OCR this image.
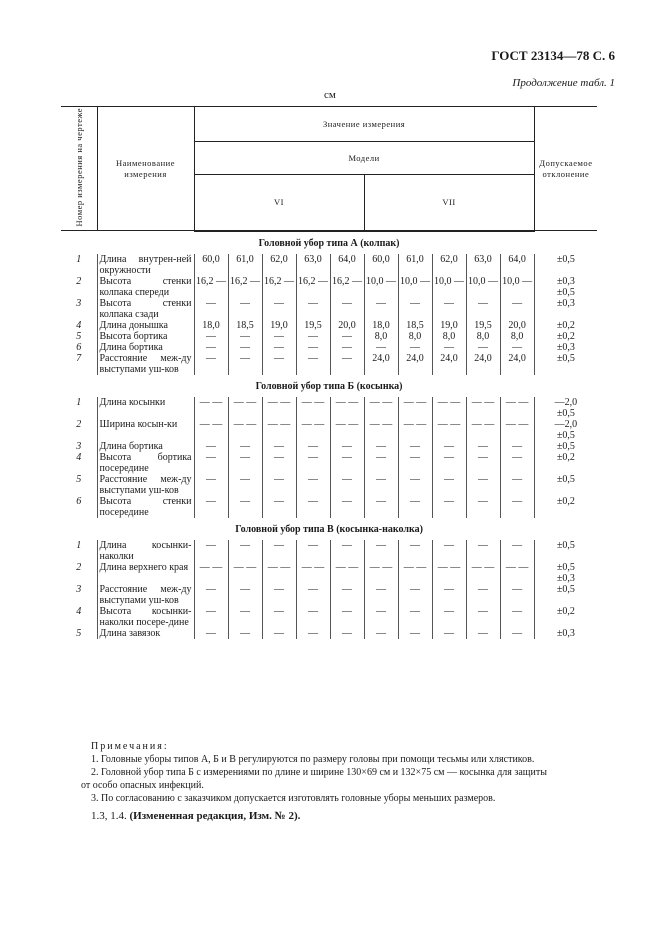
ГОСТ 23134—78 С. 6
Продолжение табл. 1
см
Номер измерения на чертеже	Наименование измерения	Значение измерения										Допускаемое отклонение
		Модели										
		VI					VII					
Головной убор типа А (колпак)												
1	Длина внутрен-ней окружности	60,0	61,0	62,0	63,0	64,0	60,0	61,0	62,0	63,0	64,0	±0,5
2	Высота стенки колпака спереди	16,2 —	16,2 —	16,2 —	16,2 —	16,2 —	10,0 —	10,0 —	10,0 —	10,0 —	10,0 —	±0,3 ±0,5
3	Высота стенки колпака сзади	—	—	—	—	—	—	—	—	—	—	±0,3
4	Длина донышка	18,0	18,5	19,0	19,5	20,0	18,0	18,5	19,0	19,5	20,0	±0,2
5	Высота бортика	—	—	—	—	—	8,0	8,0	8,0	8,0	8,0	±0,2
6	Длина бортика	—	—	—	—	—	—	—	—	—	—	±0,3
7	Расстояние меж-ду выступами уш-ков	—	—	—	—	—	24,0	24,0	24,0	24,0	24,0	±0,5
Головной убор типа Б (косынка)												
1	Длина косынки	— —	— —	— —	— —	— —	— —	— —	— —	— —	— —	—2,0 ±0,5
2	Ширина косын-ки	— —	— —	— —	— —	— —	— —	— —	— —	— —	— —	—2,0 ±0,5
3	Длина бортика	—	—	—	—	—	—	—	—	—	—	±0,5
4	Высота бортика посередине	—	—	—	—	—	—	—	—	—	—	±0,2
5	Расстояние меж-ду выступами уш-ков	—	—	—	—	—	—	—	—	—	—	±0,5
6	Высота стенки посередине	—	—	—	—	—	—	—	—	—	—	±0,2
Головной убор типа В (косынка-наколка)												
1	Длина косынки-наколки	—	—	—	—	—	—	—	—	—	—	±0,5
2	Длина верхнего края	— —	— —	— —	— —	— —	— —	— —	— —	— —	— —	±0,5 ±0,3
3	Расстояние меж-ду выступами уш-ков	—	—	—	—	—	—	—	—	—	—	±0,5
4	Высота косынки-наколки посере-дине	—	—	—	—	—	—	—	—	—	—	±0,2
5	Длина завязок	—	—	—	—	—	—	—	—	—	—	±0,3
Примечания:
1. Головные уборы типов А, Б и В регулируются по размеру головы при помощи тесьмы или хлястиков.
2. Головной убор типа Б с измерениями по длине и ширине 130×69 см и 132×75 см — косынка для защиты
от особо опасных инфекций.
3. По согласованию с заказчиком допускается изготовлять головные уборы меньших размеров.
1.3, 1.4. (Измененная редакция, Изм. № 2).
